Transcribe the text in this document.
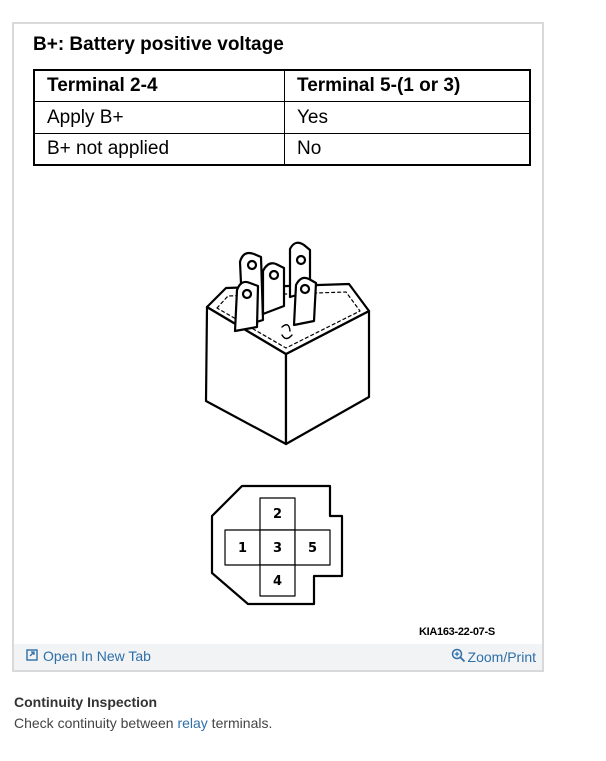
B+: Battery positive voltage
Terminal 2-4	Terminal 5-(1 or 3)
Apply B+	Yes
B+ not applied	No
2
1 3 5
4
KIA163-22-07-S
Open In New Tab	Zoom/Print
Continuity Inspection
Check continuity between relay terminals.
